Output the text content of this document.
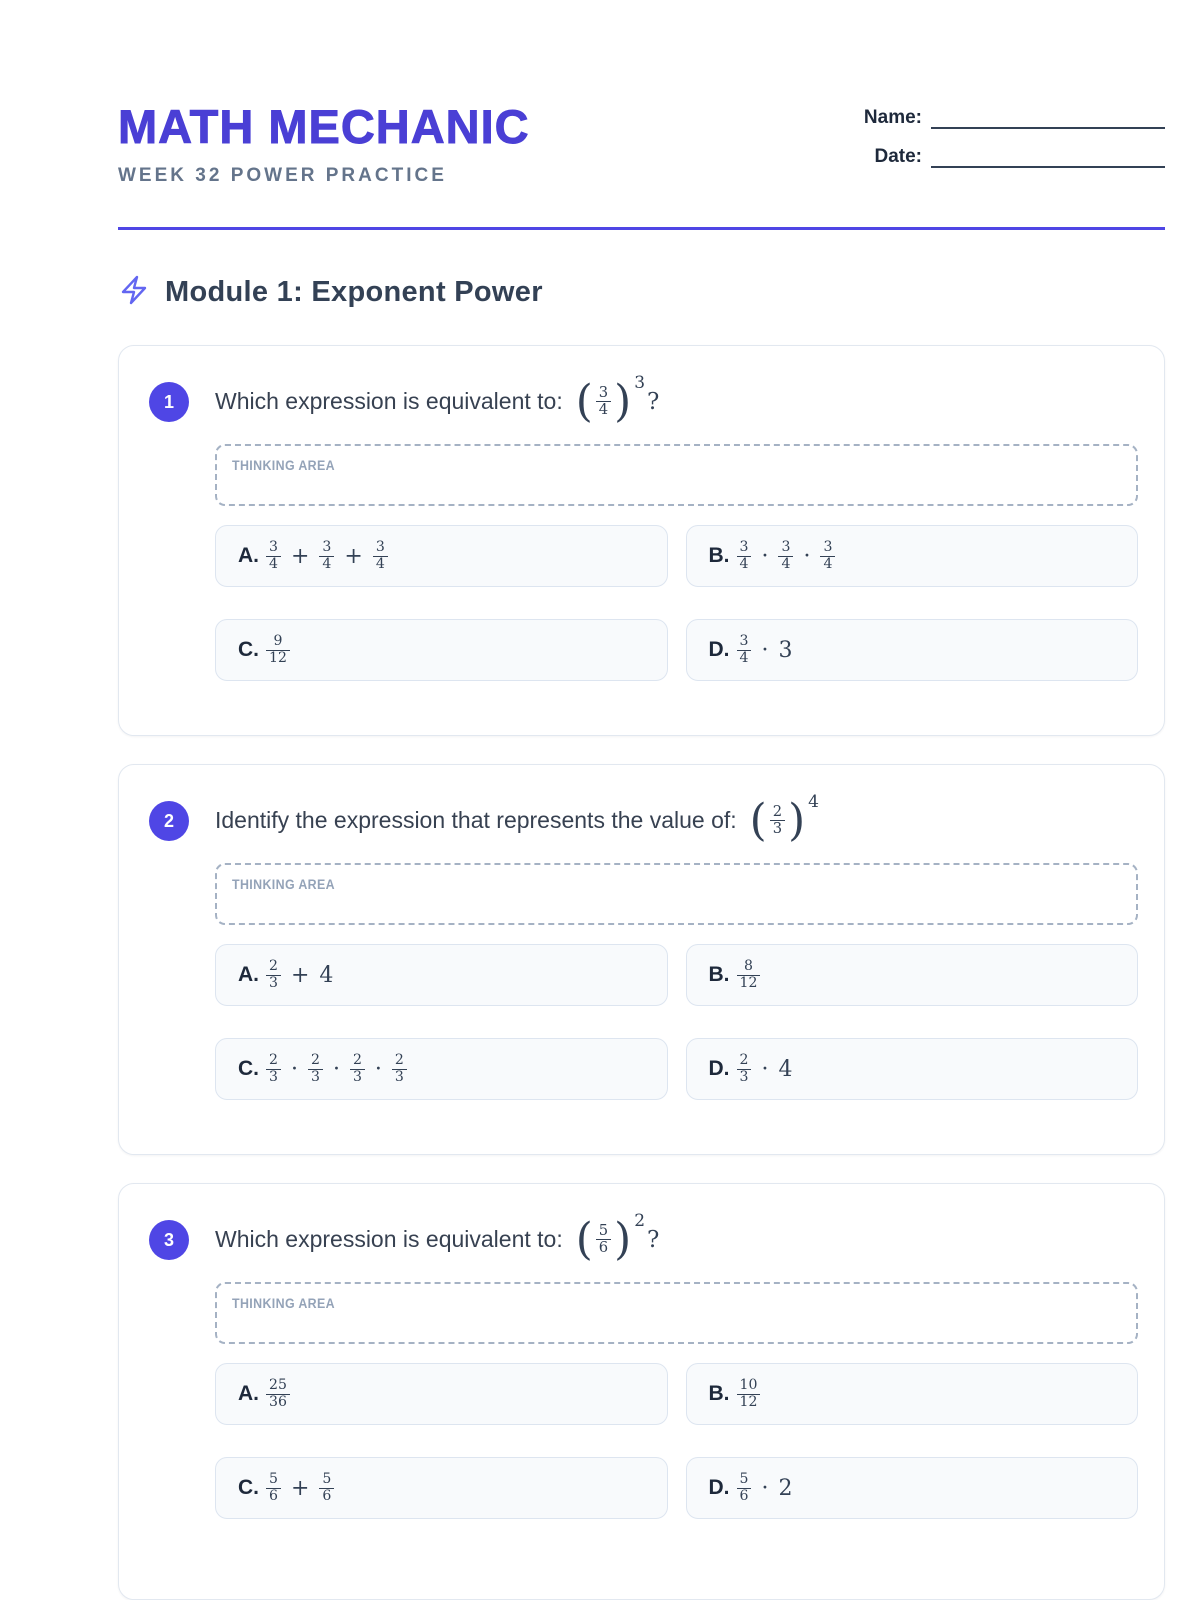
MATH MECHANIC
WEEK 32 POWER PRACTICE
Name:
Date:
Module 1: Exponent Power
1	Which expression is equivalent to: ( $\frac{3}{4}$ ) 3
?
THINKING AREA
A. $\frac{3}{4} + \frac{3}{4} + \frac{3}{4}$	B. $\frac{3}{4} \cdot \frac{3}{4} \cdot \frac{3}{4}$
C. $\frac{9}{12}$	D. $\frac{3}{4} \cdot 3$
2	Identify the expression that represents the value of: ( $\frac{2}{3}$ ) 4
THINKING AREA
A. $\frac{2}{3} + 4$	B. $\frac{8}{12}$
C. $\frac{2}{3} \cdot \frac{2}{3} \cdot \frac{2}{3} \cdot \frac{2}{3}$	D. $\frac{2}{3} \cdot 4$
3	Which expression is equivalent to: ( $\frac{5}{6}$ ) 2
?
THINKING AREA
A. $\frac{25}{36}$	B. $\frac{10}{12}$
C. $\frac{5}{6} + \frac{5}{6}$	D. $\frac{5}{6} \cdot 2$
